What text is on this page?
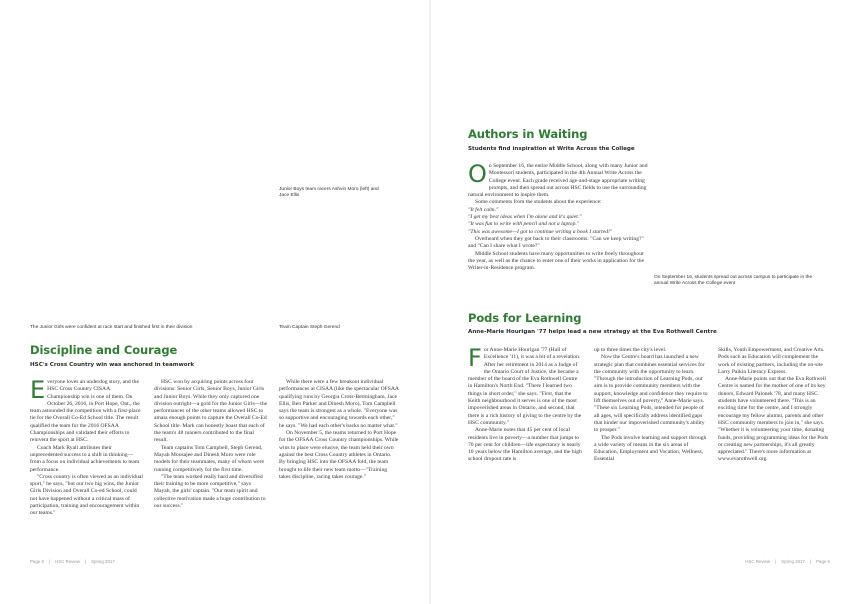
Student life
Junior Boys team racers Ashvin Moro (left) and Jace Ellis
The Junior Girls were confident at race start and finished first in their division	Team Captain Steph Gerend
Discipline and Courage
HSC's Cross Country win was anchored in teamwork
E veryone loves an underdog story, and the HSC Cross Country CISAA Championship win is one of them. On October 26, 2016, in Port Hope, Ont., the team astounded the competition with a first-place tie for the Overall Co-Ed School title. The result qualified the team for the 2016 OFSAA Championships and validated their efforts to reinvent the sport at HSC.

Coach Mark Ryall attributes their unprecedented success to a shift in thinking—from a focus on individual achievements to team performance.

"Cross country is often viewed as an individual sport," he says, "but our two big wins, the Junior Girls Division and Overall Co-ed School, could not have happened without a critical mass of participation, training and encouragement within our teams."

HSC won by acquiring points across four divisions: Senior Girls, Senior Boys, Junior Girls and Junior Boys. While they only captured one division outright—a gold for the Junior Girls—the performances of the other teams allowed HSC to amass enough points to capture the Overall Co-Ed School title. Mark can honestly boast that each of the team's 48 runners contributed to the final result.

Team captains Tom Campbell, Steph Gerend, Mayah Moosajee and Dinesh Moro were role models for their teammates, many of whom were running competitively for the first time.

"The team worked really hard and diversified their training to be more competitive," says Mayah, the girls' captain. "Our team spirit and collective motivation made a huge contribution to our success."

While there were a few breakout individual performances at CISAA (like the spectacular OFSAA qualifying runs by Georgia Cross-Bermingham, Jace Ellis, Ben Parker and Dinesh Moro), Tom Campbell says the team is strongest as a whole. "Everyone was so supportive and encouraging towards each other," he says. "We had each other's backs no matter what."

On November 5, the teams returned to Port Hope for the OFSAA Cross Country championships. While wins to place were elusive, the team held their own against the best Cross Country athletes in Ontario. By bringing HSC into the OFSAA fold, the team brought to life their new team motto—"Training takes discipline, racing takes courage."

Page 8 | HSC Review | Spring 2017
Authors in Waiting
Students find inspiration at Write Across the College
O n September 16, the entire Middle School, along with many Junior and Montessori students, participated in the 4th Annual Write Across the College event. Each grade received age-and-stage appropriate writing prompts, and then spread out across HSC fields to use the surrounding natural environment to inspire them.

Some comments from the students about the experience:

"It felt calm."

"I get my best ideas when I'm alone and it's quiet."

"It was fun to write with pencil and not a laptop."

"This was awesome—I got to continue writing a book I started!"

Overheard when they got back to their classrooms: "Can we keep writing?" and "Can I share what I wrote?"

Middle School students have many opportunities to write freely throughout the year, as well as the chance to enter one of their works in application for the Writer-in-Residence program.

On September 16, students spread out across campus to participate in the annual Write Across the College event
Pods for Learning
Anne-Marie Hourigan '77 helps lead a new strategy at the Eva Rothwell Centre
F or Anne-Marie Hourigan '77 (Hall of Excellence '11), it was a bit of a revelation. After her retirement in 2014 as a Judge of the Ontario Court of Justice, she became a member of the board of the Eva Rothwell Centre in Hamilton's North End. "There I learned two things in short order," she says. "First, that the Keith neighbourhood it serves is one of the most impoverished areas in Ontario, and second, that there is a rich history of giving to the centre by the HSC community."

Anne-Marie notes that 45 per cent of local residents live in poverty—a number that jumps to 70 per cent for children—life expectancy is nearly 10 years below the Hamilton average, and the high school dropout rate is

up to three times the city's level.

Now the Centre's board has launched a new strategic plan that combines essential services for the community with the opportunity to learn. "Through the introduction of Learning Pods, our aim is to provide community members with the support, knowledge and confidence they require to lift themselves out of poverty," Anne-Marie says. "These six Learning Pods, intended for people of all ages, will specifically address identified gaps that hinder our impoverished community's ability to prosper."

The Pods involve learning and support through a wide variety of means in the six areas of Education, Employment and Vocation, Wellness, Essential

Skills, Youth Empowerment, and Creative Arts. Pods such as Education will complement the work of existing partners, including the on-site Larry Paikin Literacy Express.

Anne-Marie points out that the Eva Rothwell Centre is named for the mother of one of its key donors, Edward Palonek '78, and many HSC students have volunteered there. "This is an exciting time for the centre, and I strongly encourage my fellow alumni, parents and other HSC community members to join in," she says. "Whether it is volunteering your time, donating funds, providing programming ideas for the Pods or creating new partnerships, it's all greatly appreciated." There's more information at www.evarothwell.org.

HSC Review | Spring 2017 | Page 9
